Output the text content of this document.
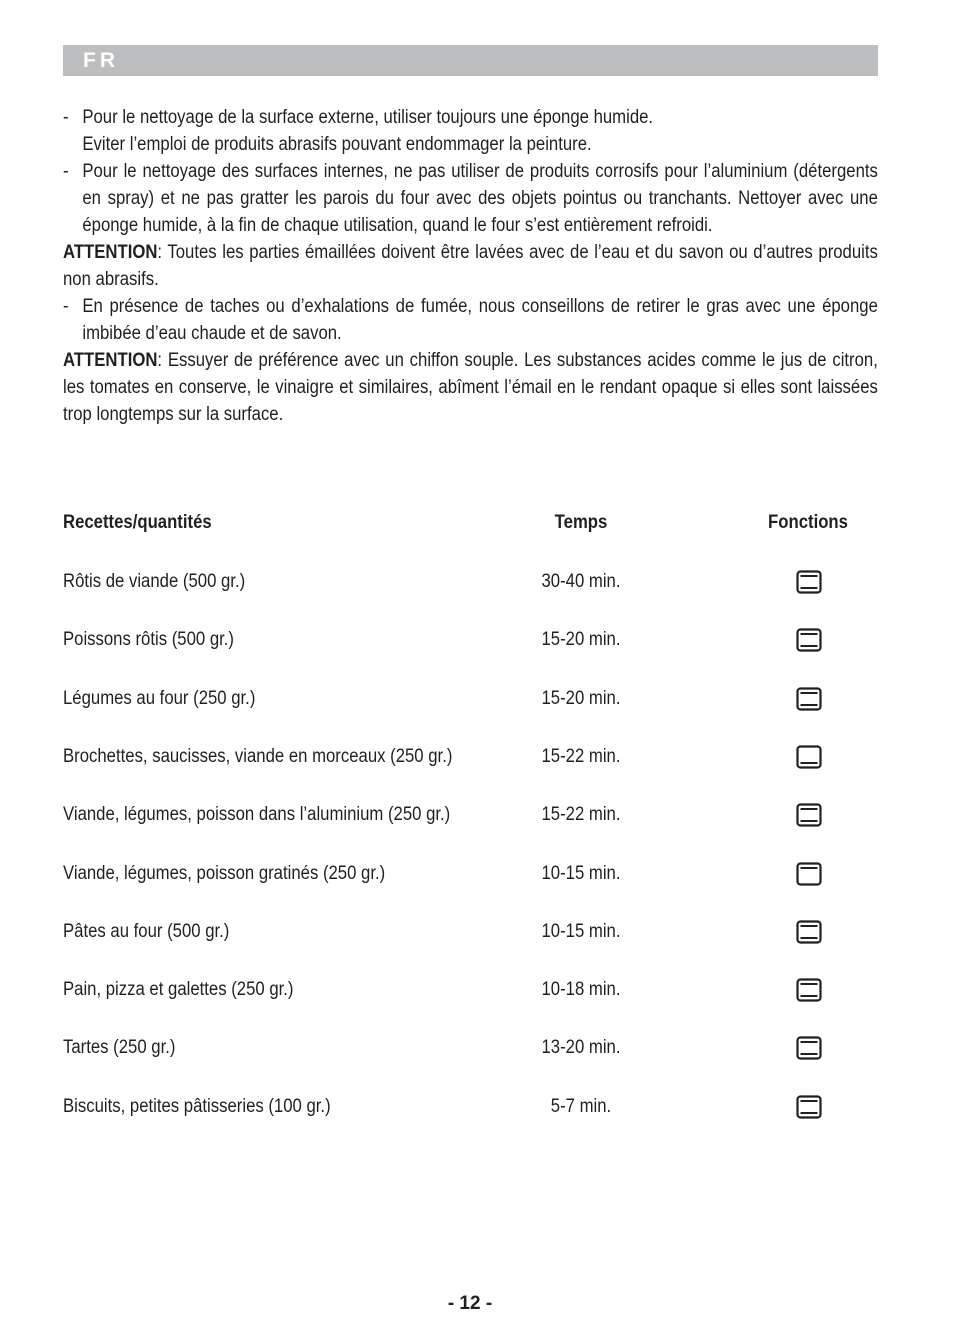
FR
- Pour le nettoyage de la surface externe, utiliser toujours une éponge humide.
Eviter l’emploi de produits abrasifs pouvant endommager la peinture.
- Pour le nettoyage des surfaces internes, ne pas utiliser de produits corrosifs pour l’aluminium (détergents en spray) et ne pas gratter les parois du four avec des objets pointus ou tranchants. Nettoyer avec une éponge humide, à la fin de chaque utilisation, quand le four s’est entièrement refroidi.

ATTENTION: Toutes les parties émaillées doivent être lavées avec de l’eau et du savon ou d’autres produits non abrasifs.

- En présence de taches ou d’exhalations de fumée, nous conseillons de retirer le gras avec une éponge imbibée d’eau chaude et de savon.

ATTENTION: Essuyer de préférence avec un chiffon souple. Les substances acides comme le jus de citron, les tomates en conserve, le vinaigre et similaires, abîment l’émail en le rendant opaque si elles sont laissées trop longtemps sur la surface.

Recettes/quantités	Temps	Fonctions
Rôtis de viande (500 gr.)	30-40 min.
Poissons rôtis (500 gr.)	15-20 min.
Légumes au four (250 gr.)	15-20 min.
Brochettes, saucisses, viande en morceaux (250 gr.)	15-22 min.
Viande, légumes, poisson dans l’aluminium (250 gr.)	15-22 min.
Viande, légumes, poisson gratinés (250 gr.)	10-15 min.
Pâtes au four (500 gr.)	10-15 min.
Pain, pizza et galettes (250 gr.)	10-18 min.
Tartes (250 gr.)	13-20 min.
Biscuits, petites pâtisseries (100 gr.)	5-7 min.
- 12 -
